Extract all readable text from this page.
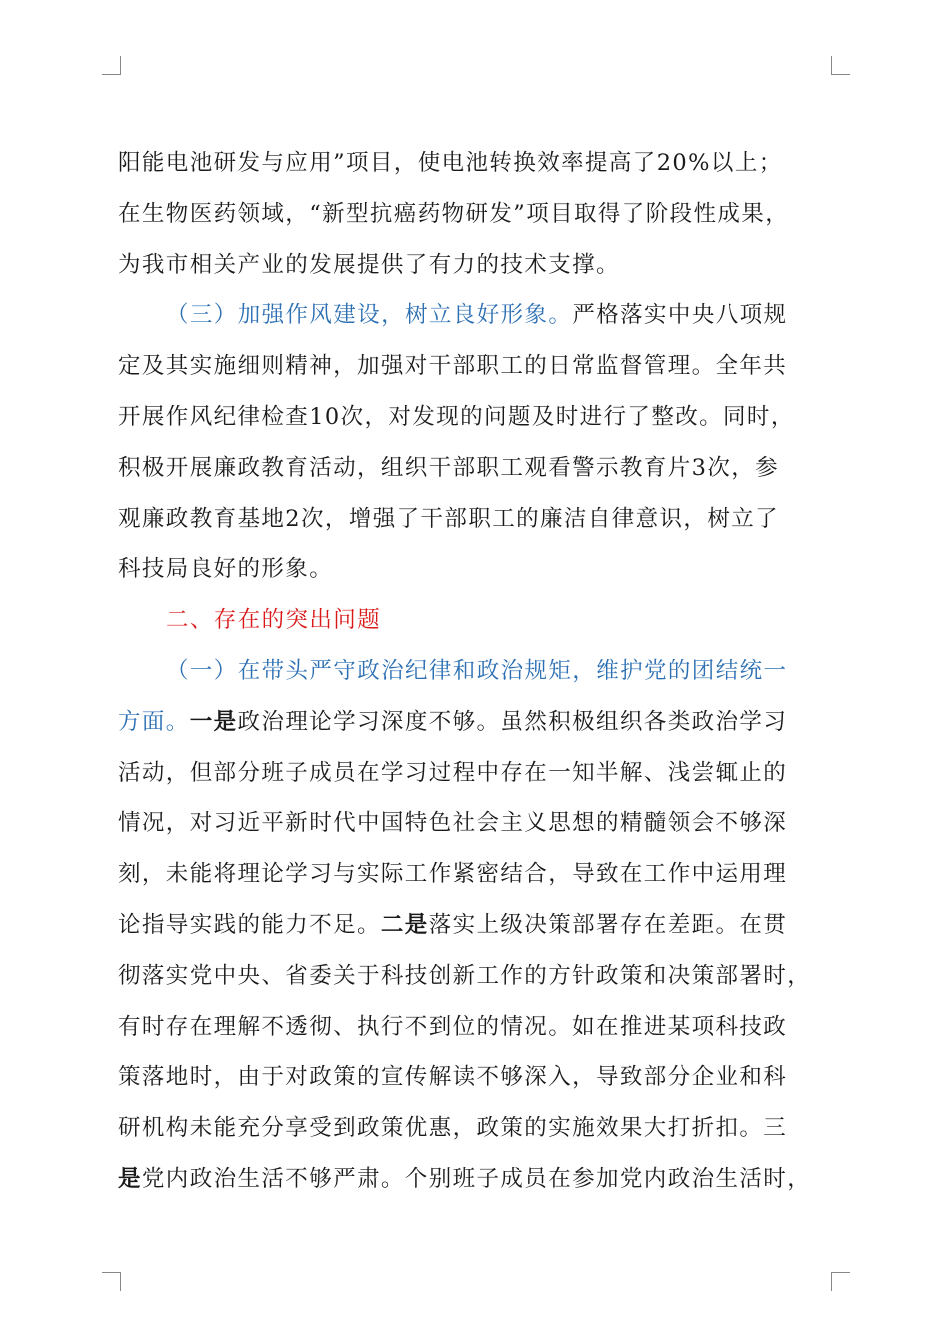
阳能电池研发与应用”项目，使电池转换效率提高了20%以上；
在生物医药领域，“新型抗癌药物研发”项目取得了阶段性成果，
为我市相关产业的发展提供了有力的技术支撑。
（三）加强作风建设，树立良好形象。严格落实中央八项规
定及其实施细则精神，加强对干部职工的日常监督管理。全年共
开展作风纪律检查10次，对发现的问题及时进行了整改。同时，
积极开展廉政教育活动，组织干部职工观看警示教育片3次，参
观廉政教育基地2次，增强了干部职工的廉洁自律意识，树立了
科技局良好的形象。
二、存在的突出问题
（一）在带头严守政治纪律和政治规矩，维护党的团结统一
方面。一是政治理论学习深度不够。虽然积极组织各类政治学习
活动，但部分班子成员在学习过程中存在一知半解、浅尝辄止的
情况，对习近平新时代中国特色社会主义思想的精髓领会不够深
刻，未能将理论学习与实际工作紧密结合，导致在工作中运用理
论指导实践的能力不足。二是落实上级决策部署存在差距。在贯
彻落实党中央、省委关于科技创新工作的方针政策和决策部署时，
有时存在理解不透彻、执行不到位的情况。如在推进某项科技政
策落地时，由于对政策的宣传解读不够深入，导致部分企业和科
研机构未能充分享受到政策优惠，政策的实施效果大打折扣。三
是党内政治生活不够严肃。个别班子成员在参加党内政治生活时，
